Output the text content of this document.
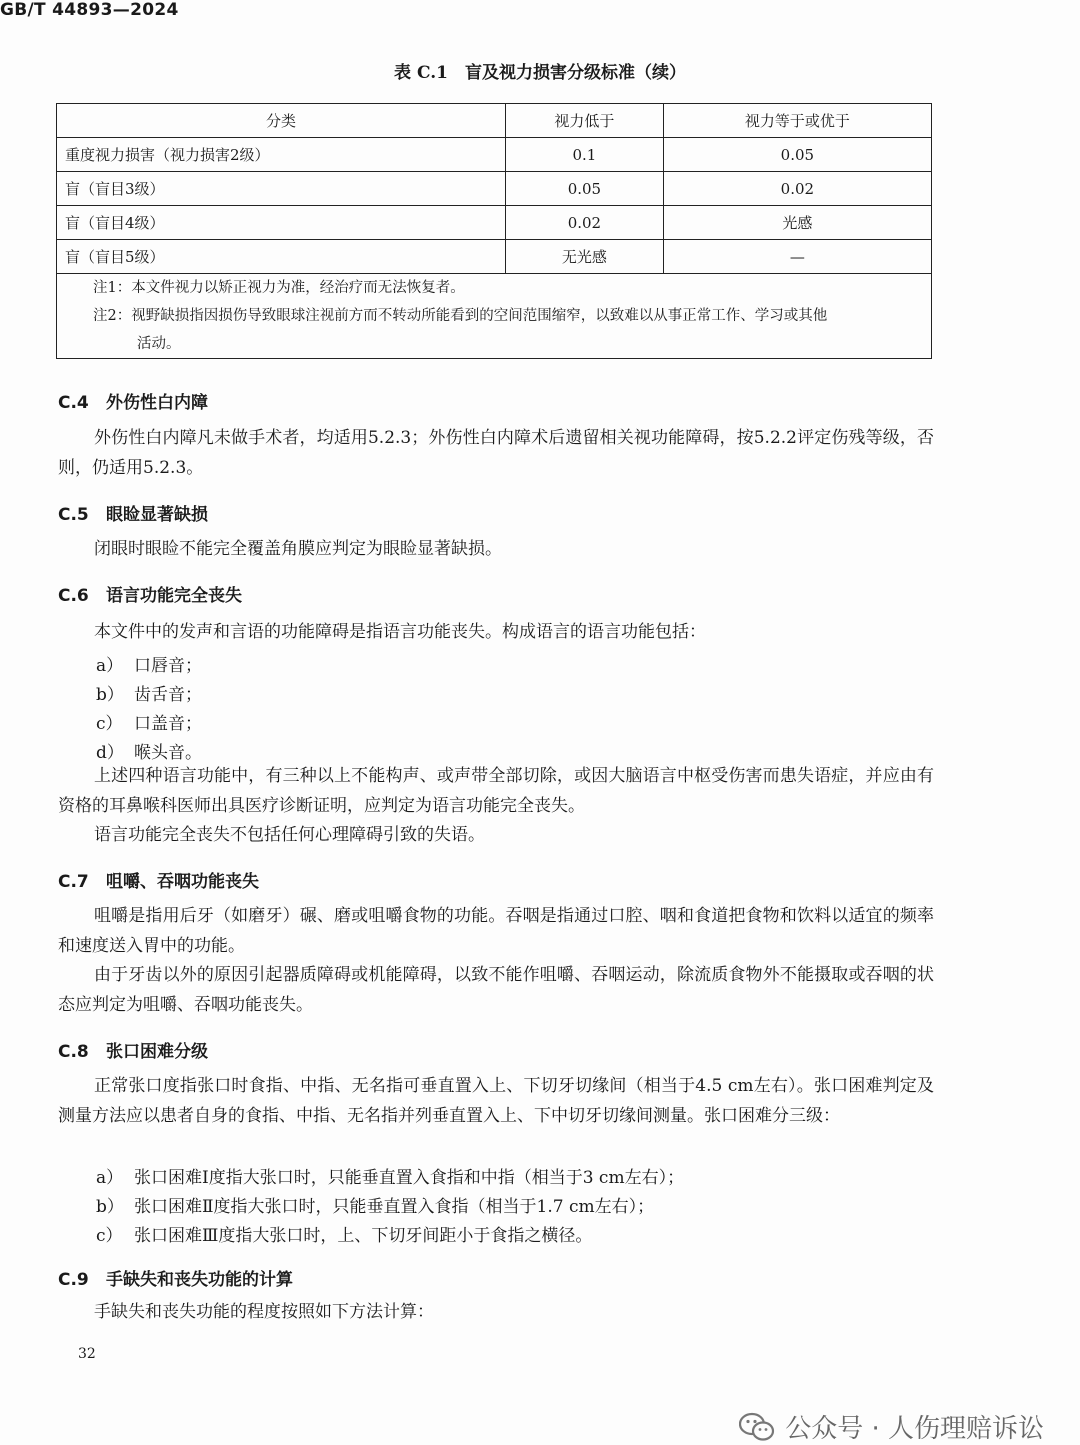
GB/T 44893—2024
表 C.1　盲及视力损害分级标准（续）
分类	视力低于	视力等于或优于
重度视力损害（视力损害2级）	0.1	0.05
盲（盲目3级）	0.05	0.02
盲（盲目4级）	0.02	光感
盲（盲目5级）	无光感	—

注1：本文件视力以矫正视力为准，经治疗而无法恢复者。
注2：视野缺损指因损伤导致眼球注视前方而不转动所能看到的空间范围缩窄，以致难以从事正常工作、学习或其他
活动。		
C.4 外伤性白内障
外伤性白内障凡未做手术者，均适用5.2.3；外伤性白内障术后遗留相关视功能障碍，按5.2.2评定伤残等级，否则，仍适用5.2.3。
C.5 眼睑显著缺损
闭眼时眼睑不能完全覆盖角膜应判定为眼睑显著缺损。
C.6 语言功能完全丧失
本文件中的发声和言语的功能障碍是指语言功能丧失。构成语言的语言功能包括：
a） 口唇音；
b） 齿舌音；
c） 口盖音；
d） 喉头音。
上述四种语言功能中，有三种以上不能构声、或声带全部切除，或因大脑语言中枢受伤害而患失语症，并应由有资格的耳鼻喉科医师出具医疗诊断证明，应判定为语言功能完全丧失。
语言功能完全丧失不包括任何心理障碍引致的失语。
C.7 咀嚼、吞咽功能丧失
咀嚼是指用后牙（如磨牙）碾、磨或咀嚼食物的功能。吞咽是指通过口腔、咽和食道把食物和饮料以适宜的频率和速度送入胃中的功能。
由于牙齿以外的原因引起器质障碍或机能障碍，以致不能作咀嚼、吞咽运动，除流质食物外不能摄取或吞咽的状态应判定为咀嚼、吞咽功能丧失。
C.8 张口困难分级
正常张口度指张口时食指、中指、无名指可垂直置入上、下切牙切缘间（相当于4.5 cm左右）。张口困难判定及测量方法应以患者自身的食指、中指、无名指并列垂直置入上、下中切牙切缘间测量。张口困难分三级：
a） 张口困难Ⅰ度指大张口时，只能垂直置入食指和中指（相当于3 cm左右）；
b） 张口困难Ⅱ度指大张口时，只能垂直置入食指（相当于1.7 cm左右）；
c） 张口困难Ⅲ度指大张口时，上、下切牙间距小于食指之横径。
C.9 手缺失和丧失功能的计算
手缺失和丧失功能的程度按照如下方法计算：
32
公众号 · 人伤理赔诉讼
